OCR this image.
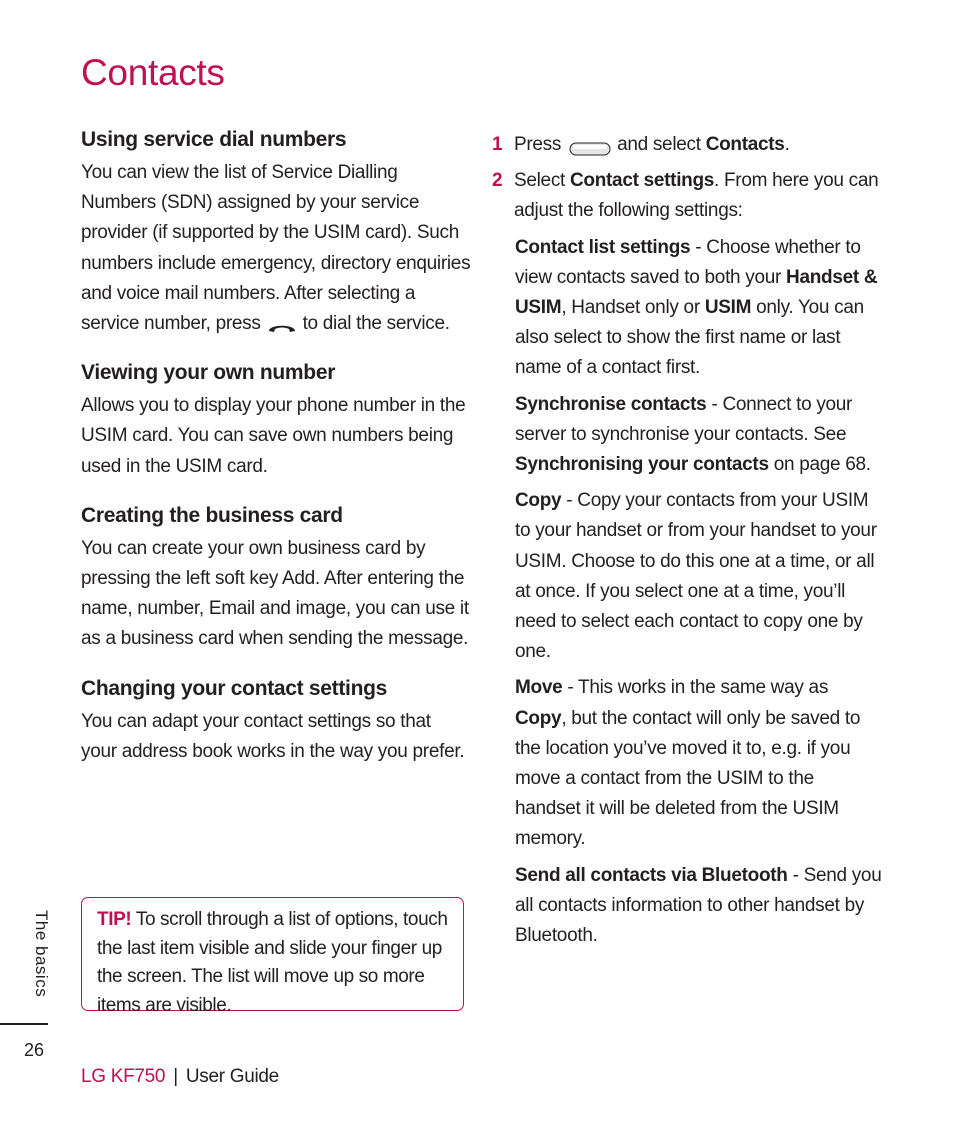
Contacts
Using service dial numbers

You can view the list of Service Dialling Numbers (SDN) assigned by your service provider (if supported by the USIM card). Such numbers include emergency, directory enquiries and voice mail numbers. After selecting a service number, press to dial the service.

Viewing your own number

Allows you to display your phone number in the USIM card. You can save own numbers being used in the USIM card.

Creating the business card

You can create your own business card by pressing the left soft key Add. After entering the name, number, Email and image, you can use it as a business card when sending the message.

Changing your contact settings

You can adapt your contact settings so that your address book works in the way you prefer.

TIP! To scroll through a list of options, touch the last item visible and slide your finger up the screen. The list will move up so more items are visible.
1 Press	and select Contacts.
2 Select Contact settings. From here you can adjust the following settings:
Contact list settings - Choose whether to view contacts saved to both your Handset & USIM, Handset only or USIM only. You can also select to show the first name or last name of a contact first.
Synchronise contacts - Connect to your server to synchronise your contacts. See Synchronising your contacts on page 68.
Copy - Copy your contacts from your USIM to your handset or from your handset to your USIM. Choose to do this one at a time, or all at once. If you select one at a time, you’ll need to select each contact to copy one by one.
Move - This works in the same way as Copy, but the contact will only be saved to the location you’ve moved it to, e.g. if you move a contact from the USIM to the handset it will be deleted from the USIM memory.
Send all contacts via Bluetooth - Send you all contacts information to other handset by Bluetooth.
The basics
26
LG KF750 | User Guide
